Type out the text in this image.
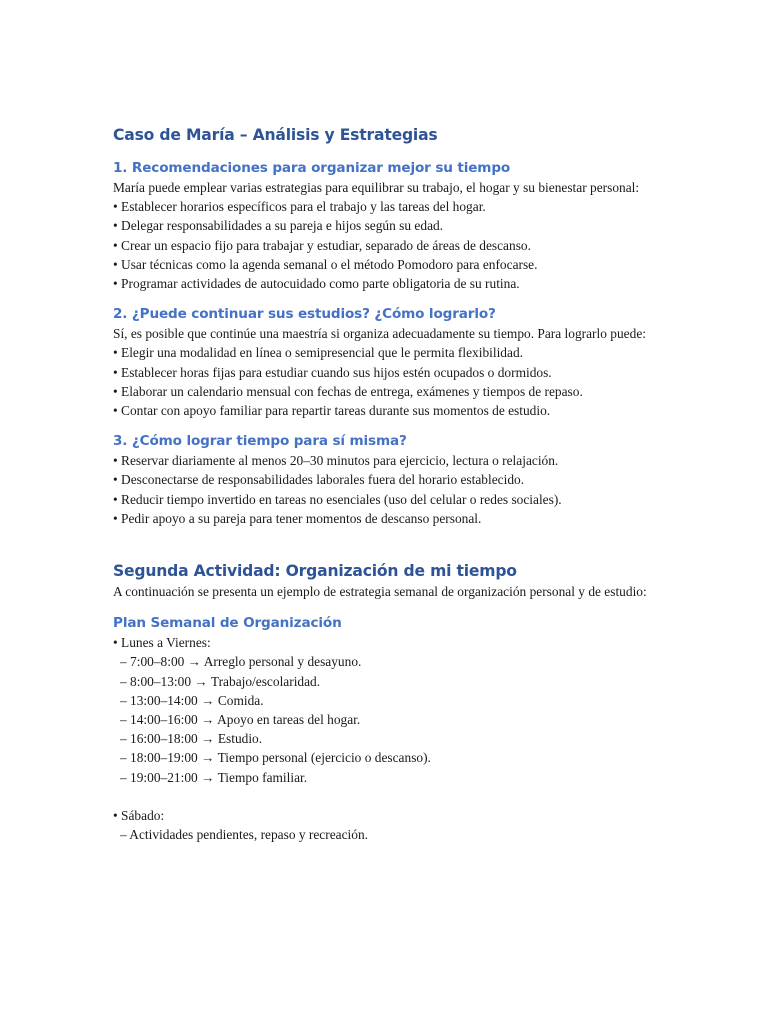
Caso de María – Análisis y Estrategias
1. Recomendaciones para organizar mejor su tiempo

María puede emplear varias estrategias para equilibrar su trabajo, el hogar y su bienestar personal:

• Establecer horarios específicos para el trabajo y las tareas del hogar.
• Delegar responsabilidades a su pareja e hijos según su edad.
• Crear un espacio fijo para trabajar y estudiar, separado de áreas de descanso.
• Usar técnicas como la agenda semanal o el método Pomodoro para enfocarse.
• Programar actividades de autocuidado como parte obligatoria de su rutina.
2. ¿Puede continuar sus estudios? ¿Cómo lograrlo?

Sí, es posible que continúe una maestría si organiza adecuadamente su tiempo. Para lograrlo puede:

• Elegir una modalidad en línea o semipresencial que le permita flexibilidad.
• Establecer horas fijas para estudiar cuando sus hijos estén ocupados o dormidos.
• Elaborar un calendario mensual con fechas de entrega, exámenes y tiempos de repaso.
• Contar con apoyo familiar para repartir tareas durante sus momentos de estudio.
3. ¿Cómo lograr tiempo para sí misma?
• Reservar diariamente al menos 20–30 minutos para ejercicio, lectura o relajación.
• Desconectarse de responsabilidades laborales fuera del horario establecido.
• Reducir tiempo invertido en tareas no esenciales (uso del celular o redes sociales).
• Pedir apoyo a su pareja para tener momentos de descanso personal.
Segunda Actividad: Organización de mi tiempo

A continuación se presenta un ejemplo de estrategia semanal de organización personal y de estudio:

Plan Semanal de Organización
• Lunes a Viernes:
– 7:00–8:00 → Arreglo personal y desayuno.
– 8:00–13:00 → Trabajo/escolaridad.
– 13:00–14:00 → Comida.
– 14:00–16:00 → Apoyo en tareas del hogar.
– 16:00–18:00 → Estudio.
– 18:00–19:00 → Tiempo personal (ejercicio o descanso).
– 19:00–21:00 → Tiempo familiar.
• Sábado:
– Actividades pendientes, repaso y recreación.
